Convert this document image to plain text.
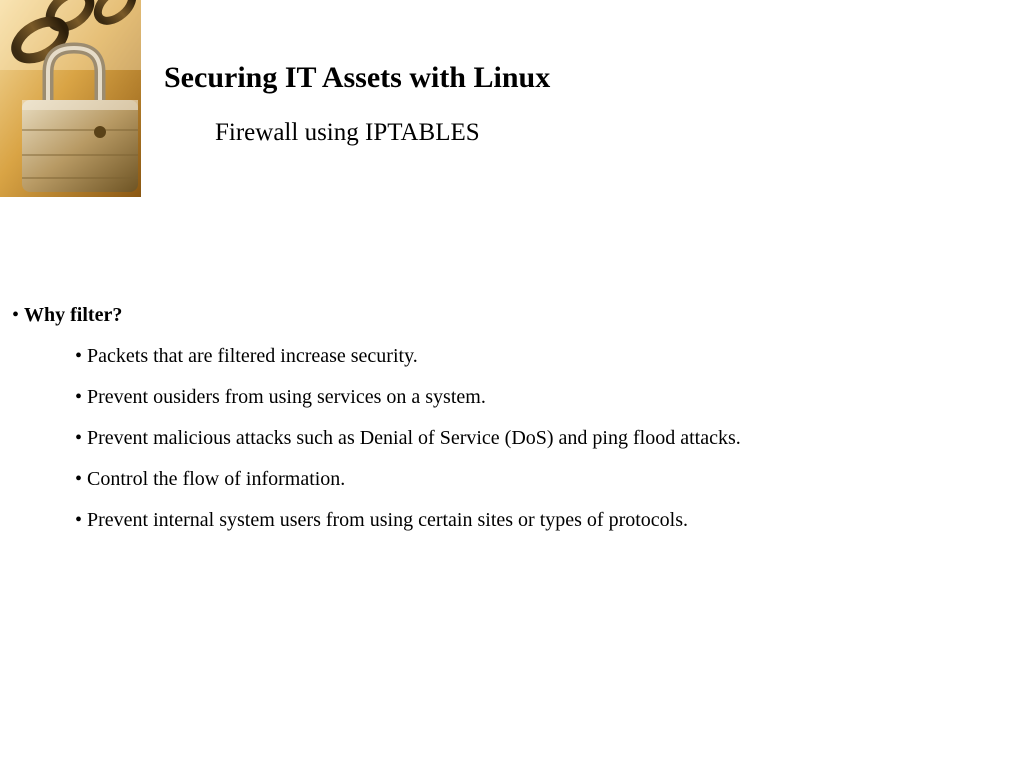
Securing IT Assets with Linux
Firewall using IPTABLES
• Why filter?
• Packets that are filtered increase security.
• Prevent ousiders from using services on a system.
• Prevent malicious attacks such as Denial of Service (DoS) and ping flood attacks.
• Control the flow of information.
• Prevent internal system users from using certain sites or types of protocols.
